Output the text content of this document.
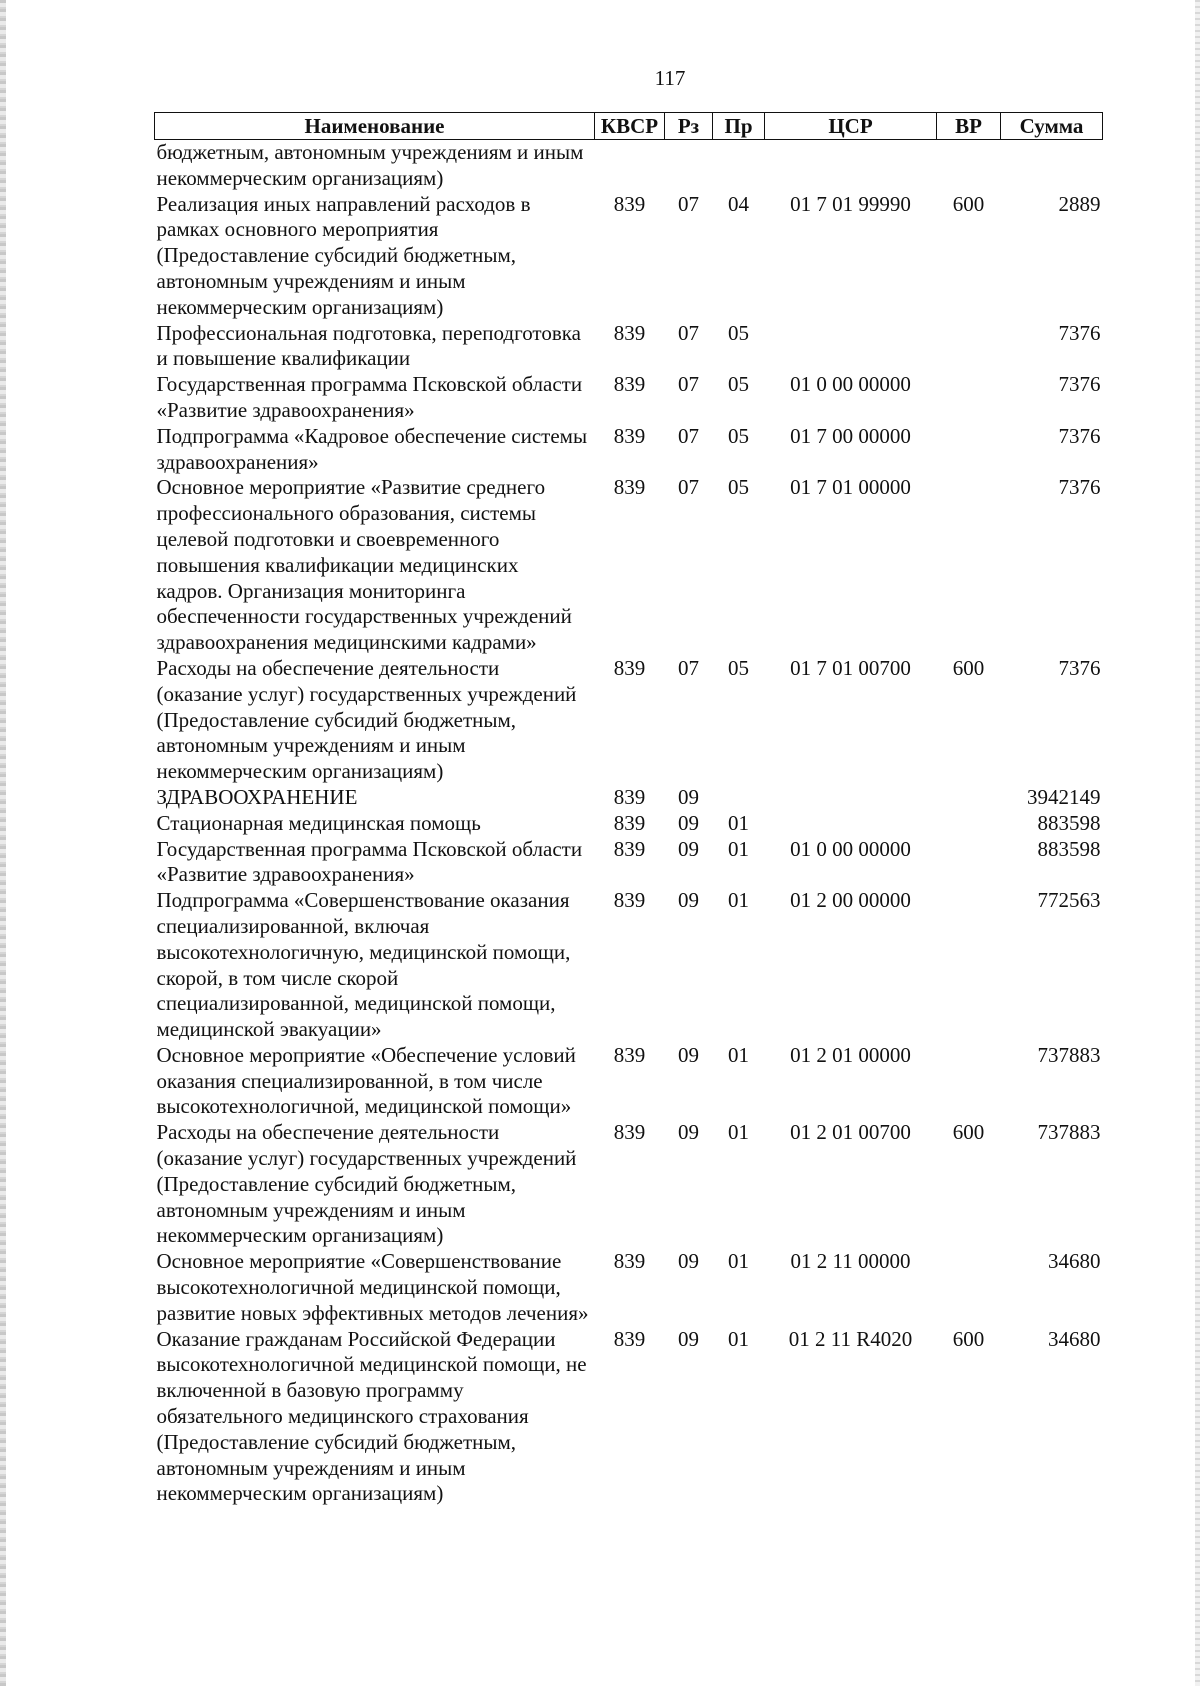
117
Наименование	КВСР	Рз	Пр	ЦСР	ВР	Сумма
бюджетным, автономным учреждениям и иным некоммерческим организациям)						
Реализация иных направлений расходов в рамках основного мероприятия (Предоставление субсидий бюджетным, автономным учреждениям и иным некоммерческим организациям)	839	07	04	01 7 01 99990	600	2889
Профессиональная подготовка, переподготовка и повышение квалификации	839	07	05			7376
Государственная программа Псковской области «Развитие здравоохранения»	839	07	05	01 0 00 00000		7376
Подпрограмма «Кадровое обеспечение системы здравоохранения»	839	07	05	01 7 00 00000		7376
Основное мероприятие «Развитие среднего профессионального образования, системы целевой подготовки и своевременного повышения квалификации медицинских кадров. Организация мониторинга обеспеченности государственных учреждений здравоохранения медицинскими кадрами»	839	07	05	01 7 01 00000		7376
Расходы на обеспечение деятельности (оказание услуг) государственных учреждений (Предоставление субсидий бюджетным, автономным учреждениям и иным некоммерческим организациям)	839	07	05	01 7 01 00700	600	7376
ЗДРАВООХРАНЕНИЕ	839	09				3942149
Стационарная медицинская помощь	839	09	01			883598
Государственная программа Псковской области «Развитие здравоохранения»	839	09	01	01 0 00 00000		883598
Подпрограмма «Совершенствование оказания специализированной, включая высокотехнологичную, медицинской помощи, скорой, в том числе скорой специализированной, медицинской помощи, медицинской эвакуации»	839	09	01	01 2 00 00000		772563
Основное мероприятие «Обеспечение условий оказания специализированной, в том числе высокотехнологичной, медицинской помощи»	839	09	01	01 2 01 00000		737883
Расходы на обеспечение деятельности (оказание услуг) государственных учреждений (Предоставление субсидий бюджетным, автономным учреждениям и иным некоммерческим организациям)	839	09	01	01 2 01 00700	600	737883
Основное мероприятие «Совершенствование высокотехнологичной медицинской помощи, развитие новых эффективных методов лечения»	839	09	01	01 2 11 00000		34680
Оказание гражданам Российской Федерации высокотехнологичной медицинской помощи, не включенной в базовую программу обязательного медицинского страхования (Предоставление субсидий бюджетным, автономным учреждениям и иным некоммерческим организациям)	839	09	01	01 2 11 R4020	600	34680
